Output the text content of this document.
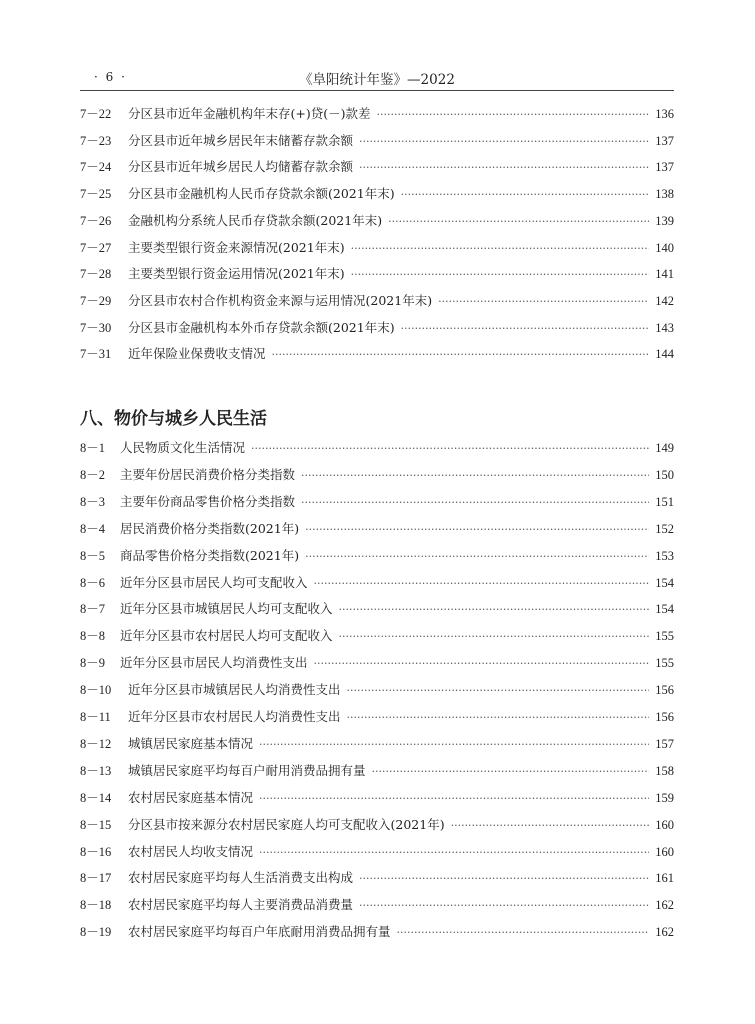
· 6 ·	《阜阳统计年鉴》—2022
7－22	分区县市近年金融机构年末存(+)贷(－)款差 ·····	136
7－23	分区县市近年城乡居民年末储蓄存款余额 ·····	137
7－24	分区县市近年城乡居民人均储蓄存款余额 ·····	137
7－25	分区县市金融机构人民币存贷款余额(2021年末) ·····	138
7－26	金融机构分系统人民币存贷款余额(2021年末) ·····	139
7－27	主要类型银行资金来源情况(2021年末) ·····	140
7－28	主要类型银行资金运用情况(2021年末) ·····	141
7－29	分区县市农村合作机构资金来源与运用情况(2021年末) ·····	142
7－30	分区县市金融机构本外币存贷款余额(2021年末) ·····	143
7－31	近年保险业保费收支情况 ·····	144
八、物价与城乡人民生活
8－1	人民物质文化生活情况 ·····	149
8－2	主要年份居民消费价格分类指数 ·····	150
8－3	主要年份商品零售价格分类指数 ·····	151
8－4	居民消费价格分类指数(2021年) ·····	152
8－5	商品零售价格分类指数(2021年) ·····	153
8－6	近年分区县市居民人均可支配收入 ·····	154
8－7	近年分区县市城镇居民人均可支配收入 ·····	154
8－8	近年分区县市农村居民人均可支配收入 ·····	155
8－9	近年分区县市居民人均消费性支出 ·····	155
8－10	近年分区县市城镇居民人均消费性支出 ·····	156
8－11	近年分区县市农村居民人均消费性支出 ·····	156
8－12	城镇居民家庭基本情况 ·····	157
8－13	城镇居民家庭平均每百户耐用消费品拥有量 ·····	158
8－14	农村居民家庭基本情况 ·····	159
8－15	分区县市按来源分农村居民家庭人均可支配收入(2021年) ·····	160
8－16	农村居民人均收支情况 ·····	160
8－17	农村居民家庭平均每人生活消费支出构成 ·····	161
8－18	农村居民家庭平均每人主要消费品消费量 ·····	162
8－19	农村居民家庭平均每百户年底耐用消费品拥有量 ·····	162
